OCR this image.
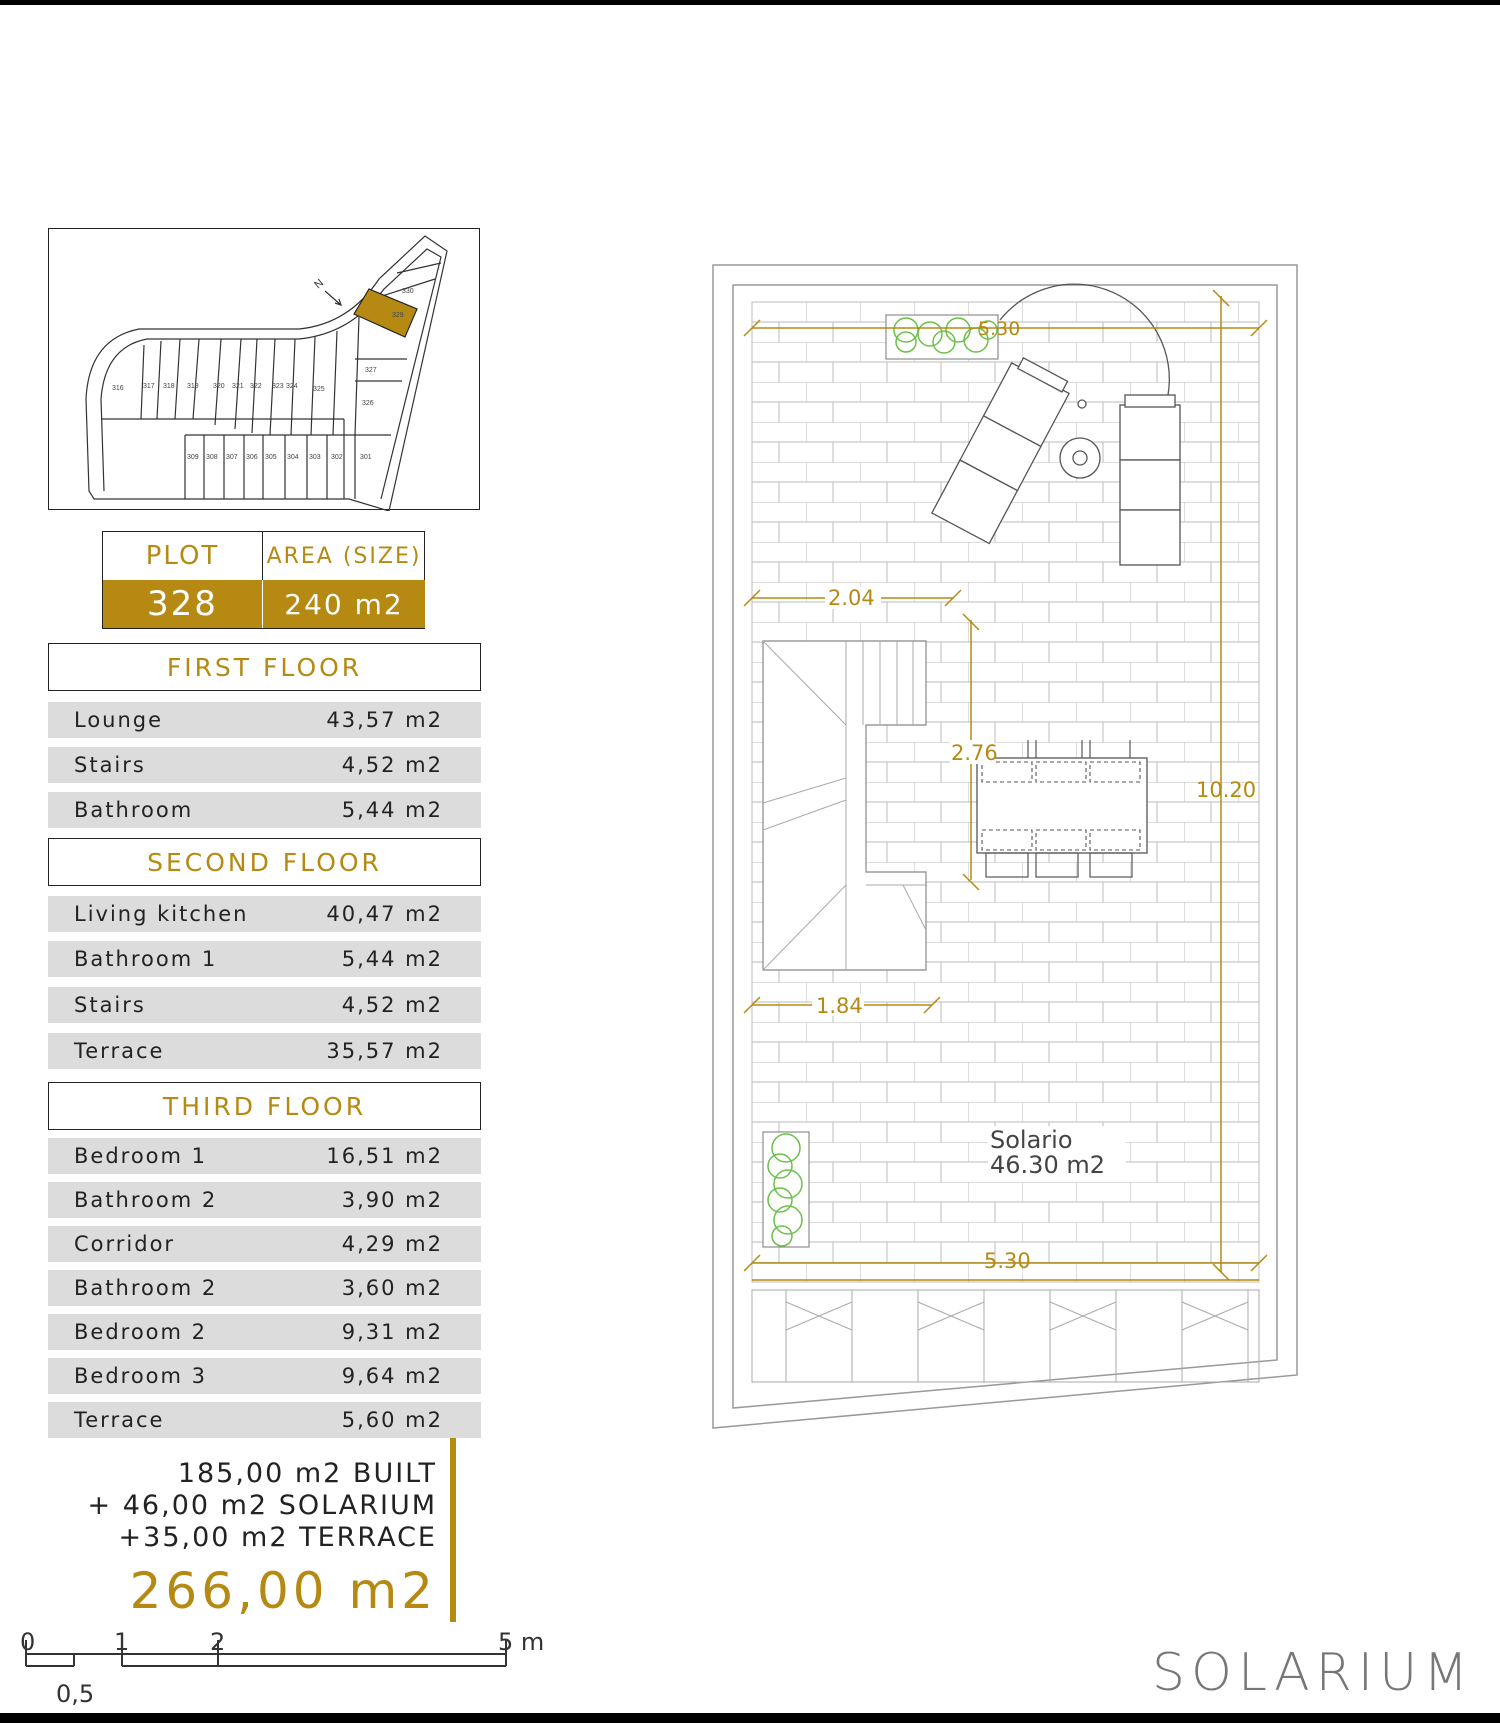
N
330
329
327
326
325
324
323
322
321
320
319
318
317
316
309 308 307 306 305 304 303 302 301
PLOT	AREA (SIZE)
328	240 m2
FIRST FLOOR
Lounge	43,57 m2
Stairs	4,52 m2
Bathroom	5,44 m2
SECOND FLOOR
Living kitchen	40,47 m2
Bathroom 1	5,44 m2
Stairs	4,52 m2
Terrace	35,57 m2
THIRD FLOOR
Bedroom 1	16,51 m2
Bathroom 2	3,90 m2
Corridor	4,29 m2
Bathroom 2	3,60 m2
Bedroom 2	9,31 m2
Bedroom 3	9,64 m2
Terrace	5,60 m2
185,00 m2 BUILT
+ 46,00 m2 SOLARIUM
+35,00 m2 TERRACE
266,00 m2
0	1	2	5 m
0,5
5.30
10.20
2.04
2.76
1.84
5.30
Solario
46.30 m2
SOLARIUM
